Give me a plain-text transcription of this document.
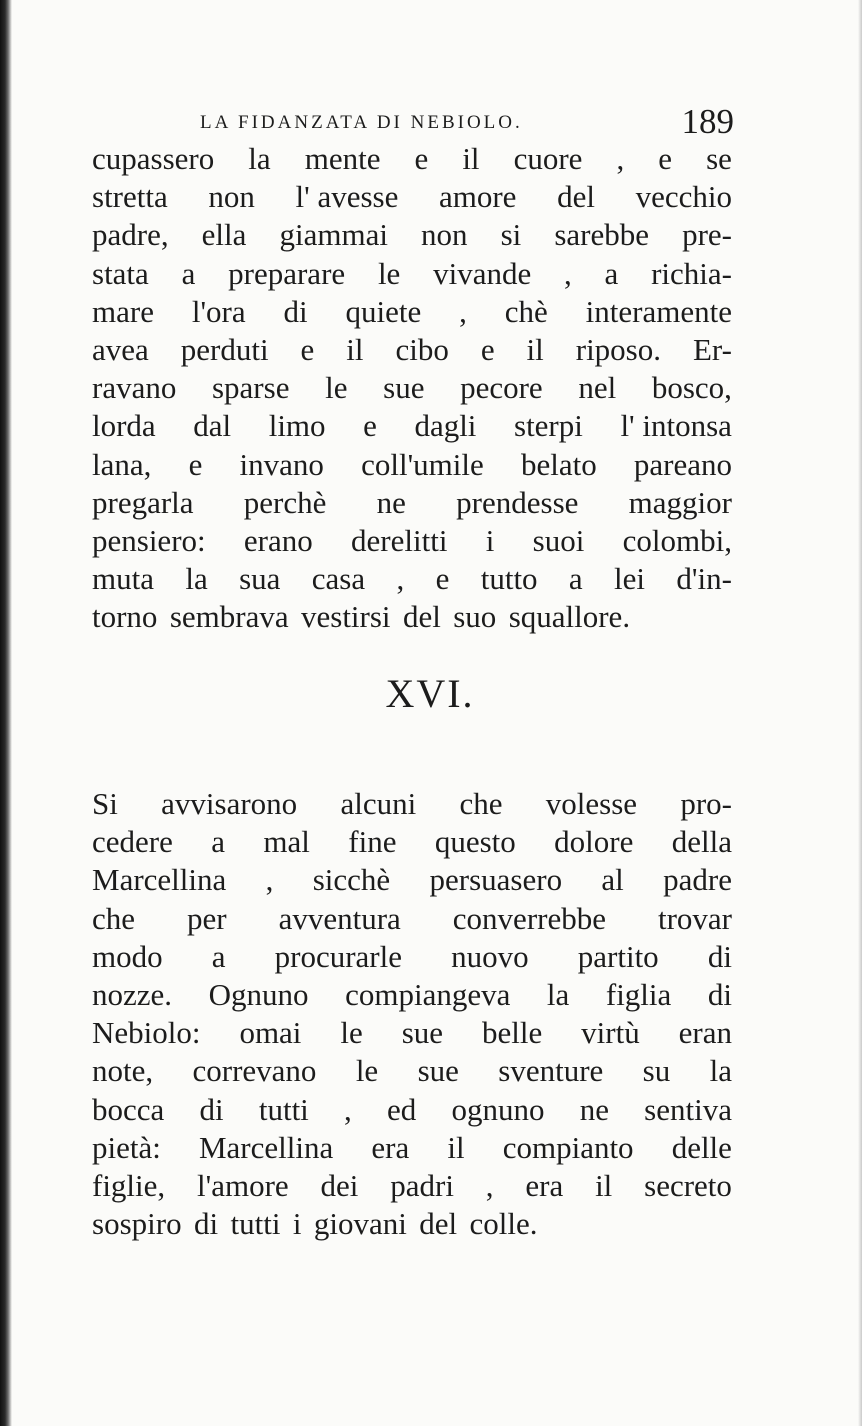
LA FIDANZATA DI NEBIOLO.	189
cupassero la mente e il cuore , e se
stretta non l' avesse amore del vecchio
padre, ella giammai non si sarebbe pre-
stata a preparare le vivande , a richia-
mare l'ora di quiete , chè interamente
avea perduti e il cibo e il riposo. Er-
ravano sparse le sue pecore nel bosco,
lorda dal limo e dagli sterpi l' intonsa
lana, e invano coll'umile belato pareano
pregarla perchè ne prendesse maggior
pensiero: erano derelitti i suoi colombi,
muta la sua casa , e tutto a lei d'in-
torno sembrava vestirsi del suo squallore.
XVI.
Si avvisarono alcuni che volesse pro-
cedere a mal fine questo dolore della
Marcellina , sicchè persuasero al padre
che per avventura converrebbe trovar
modo a procurarle nuovo partito di
nozze. Ognuno compiangeva la figlia di
Nebiolo: omai le sue belle virtù eran
note, correvano le sue sventure su la
bocca di tutti , ed ognuno ne sentiva
pietà: Marcellina era il compianto delle
figlie, l'amore dei padri , era il secreto
sospiro di tutti i giovani del colle.
